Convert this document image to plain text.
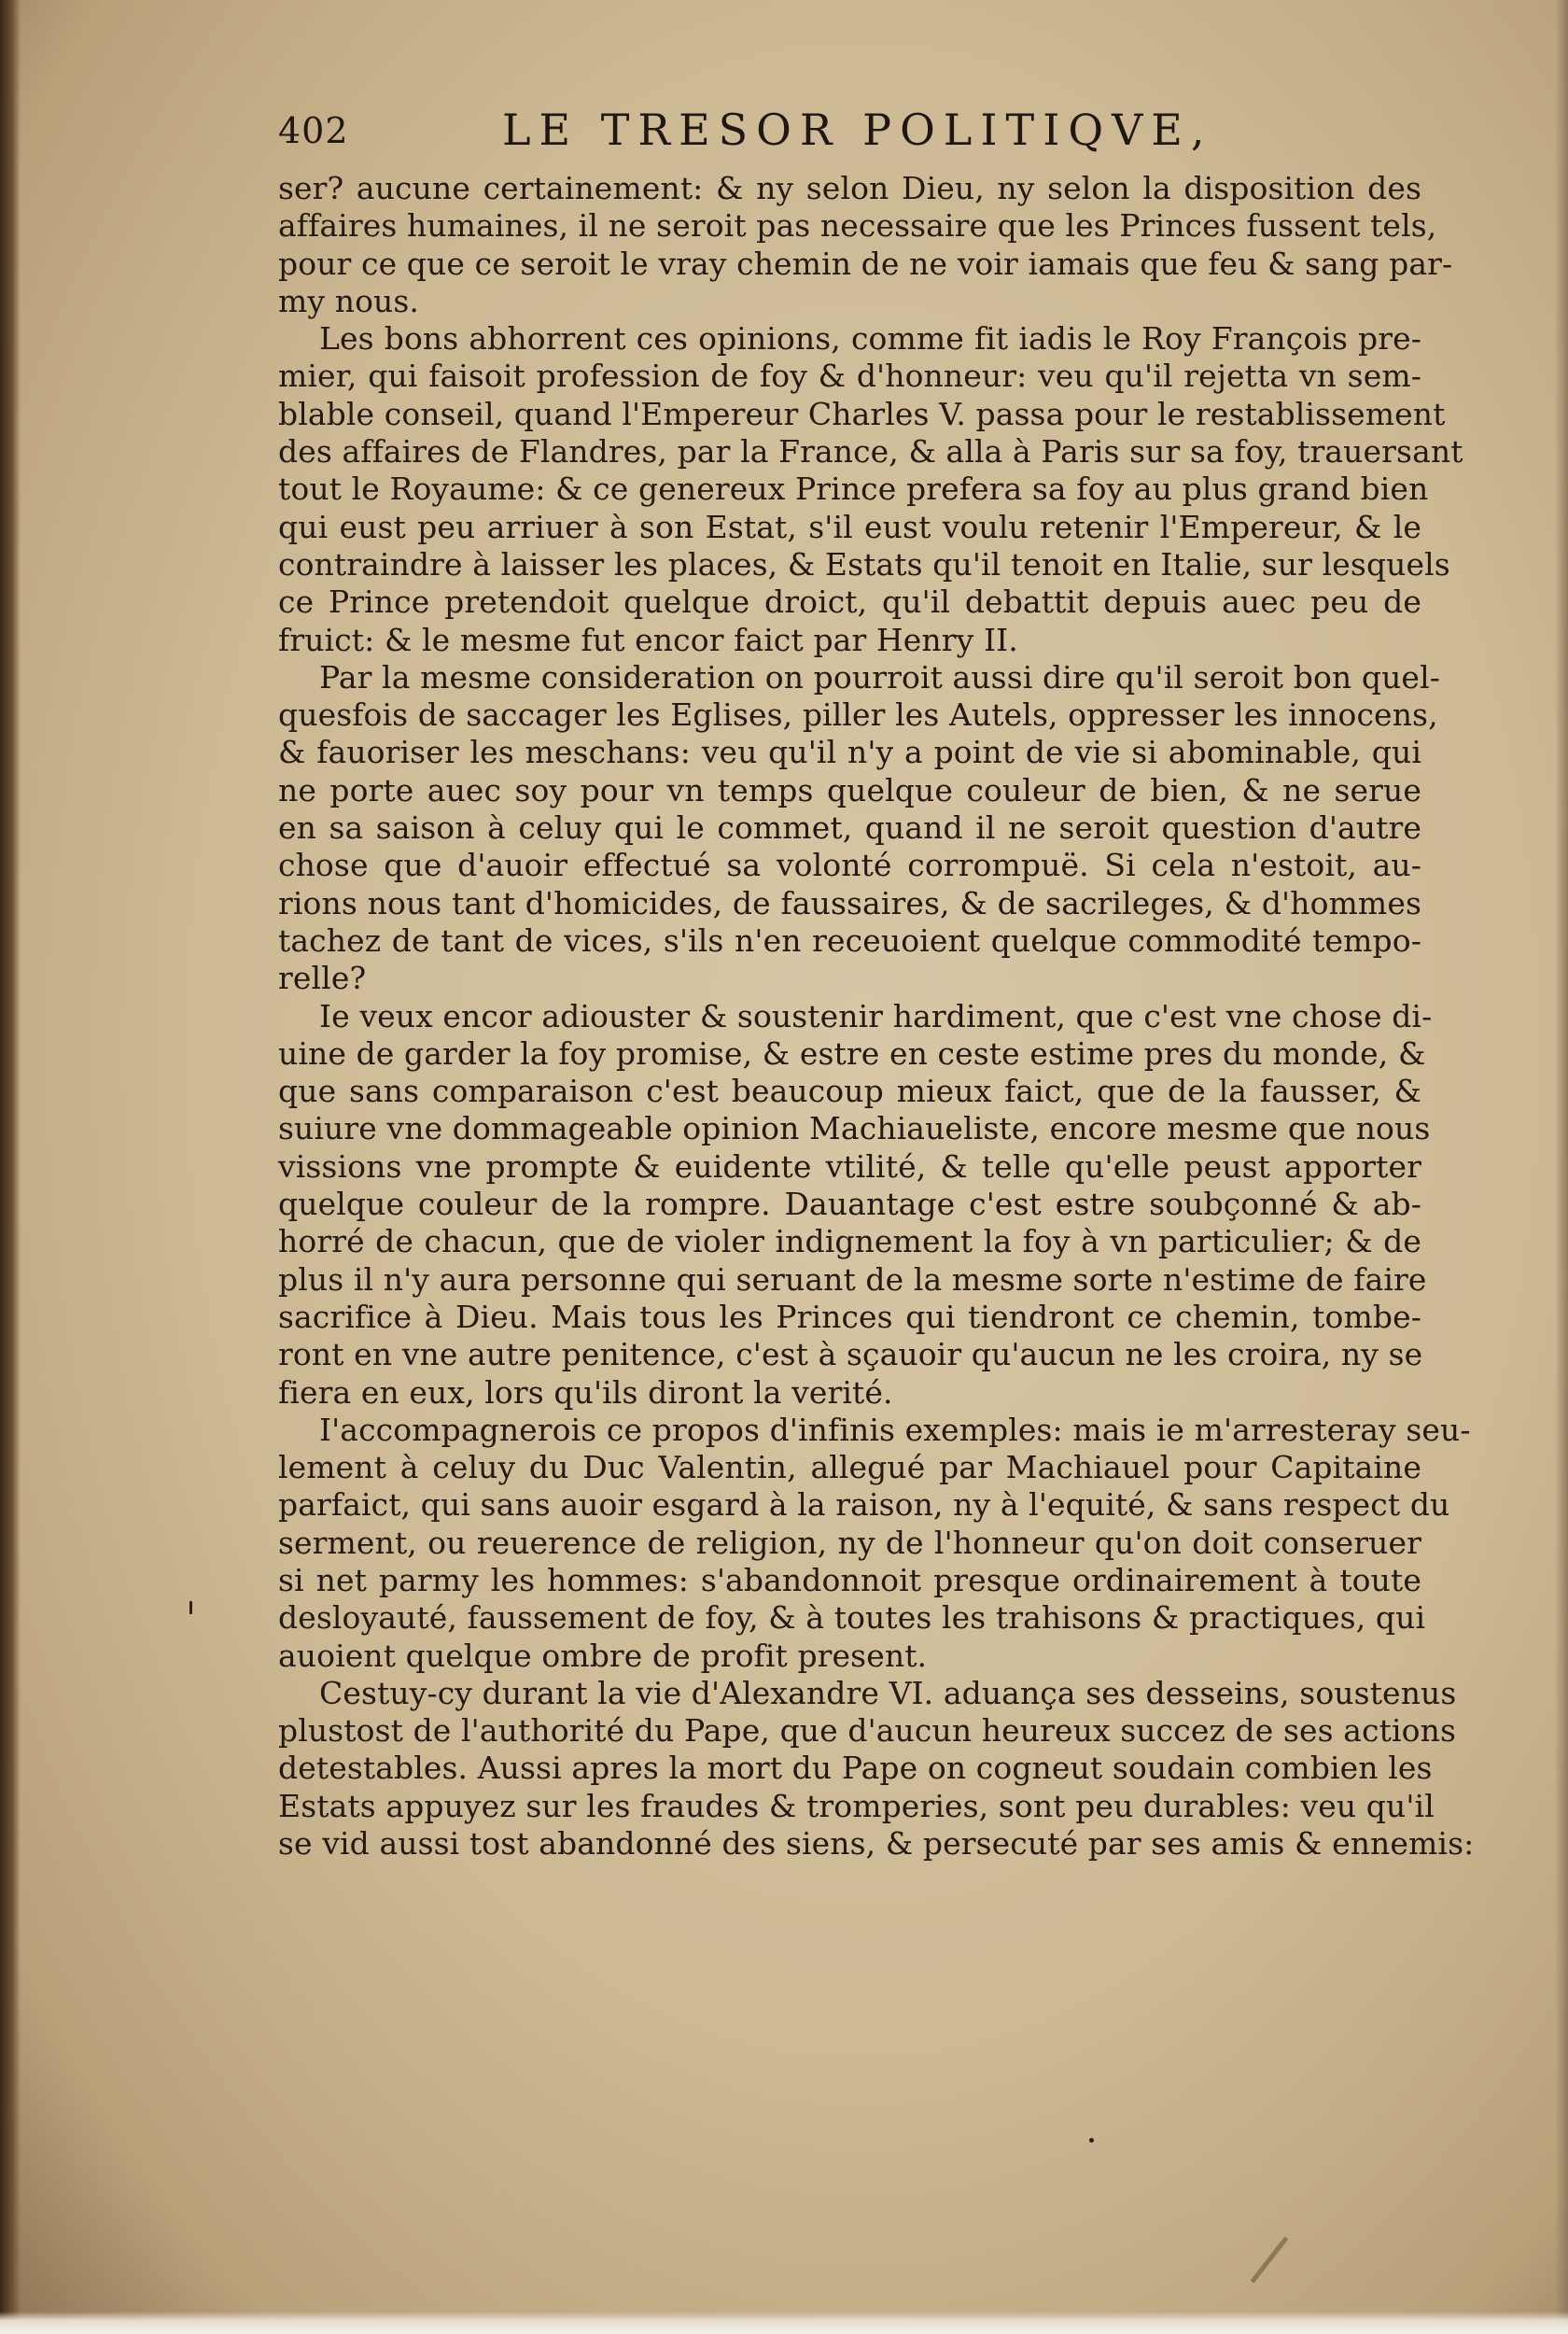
402	LE TRESOR POLITIQVE,
ser? aucune certainement: & ny selon Dieu, ny selon la disposition des
affaires humaines, il ne seroit pas necessaire que les Princes fussent tels,
pour ce que ce seroit le vray chemin de ne voir iamais que feu & sang par-
my nous.
Les bons abhorrent ces opinions, comme fit iadis le Roy François pre-
mier, qui faisoit profession de foy & d'honneur: veu qu'il rejetta vn sem-
blable conseil, quand l'Empereur Charles V. passa pour le restablissement
des affaires de Flandres, par la France, & alla à Paris sur sa foy, trauersant
tout le Royaume: & ce genereux Prince prefera sa foy au plus grand bien
qui eust peu arriuer à son Estat, s'il eust voulu retenir l'Empereur, & le
contraindre à laisser les places, & Estats qu'il tenoit en Italie, sur lesquels
ce Prince pretendoit quelque droict, qu'il debattit depuis auec peu de
fruict: & le mesme fut encor faict par Henry II.
Par la mesme consideration on pourroit aussi dire qu'il seroit bon quel-
quesfois de saccager les Eglises, piller les Autels, oppresser les innocens,
& fauoriser les meschans: veu qu'il n'y a point de vie si abominable, qui
ne porte auec soy pour vn temps quelque couleur de bien, & ne serue
en sa saison à celuy qui le commet, quand il ne seroit question d'autre
chose que d'auoir effectué sa volonté corrompuë. Si cela n'estoit, au-
rions nous tant d'homicides, de faussaires, & de sacrileges, & d'hommes
tachez de tant de vices, s'ils n'en receuoient quelque commodité tempo-
relle?
Ie veux encor adiouster & soustenir hardiment, que c'est vne chose di-
uine de garder la foy promise, & estre en ceste estime pres du monde, &
que sans comparaison c'est beaucoup mieux faict, que de la fausser, &
suiure vne dommageable opinion Machiaueliste, encore mesme que nous
vissions vne prompte & euidente vtilité, & telle qu'elle peust apporter
quelque couleur de la rompre. Dauantage c'est estre soubçonné & ab-
horré de chacun, que de violer indignement la foy à vn particulier; & de
plus il n'y aura personne qui seruant de la mesme sorte n'estime de faire
sacrifice à Dieu. Mais tous les Princes qui tiendront ce chemin, tombe-
ront en vne autre penitence, c'est à sçauoir qu'aucun ne les croira, ny se
fiera en eux, lors qu'ils diront la verité.
I'accompagnerois ce propos d'infinis exemples: mais ie m'arresteray seu-
lement à celuy du Duc Valentin, allegué par Machiauel pour Capitaine
parfaict, qui sans auoir esgard à la raison, ny à l'equité, & sans respect du
serment, ou reuerence de religion, ny de l'honneur qu'on doit conseruer
si net parmy les hommes: s'abandonnoit presque ordinairement à toute
desloyauté, faussement de foy, & à toutes les trahisons & practiques, qui
auoient quelque ombre de profit present.
Cestuy-cy durant la vie d'Alexandre VI. aduança ses desseins, soustenus
plustost de l'authorité du Pape, que d'aucun heureux succez de ses actions
detestables. Aussi apres la mort du Pape on cogneut soudain combien les
Estats appuyez sur les fraudes & tromperies, sont peu durables: veu qu'il
se vid aussi tost abandonné des siens, & persecuté par ses amis & ennemis:
